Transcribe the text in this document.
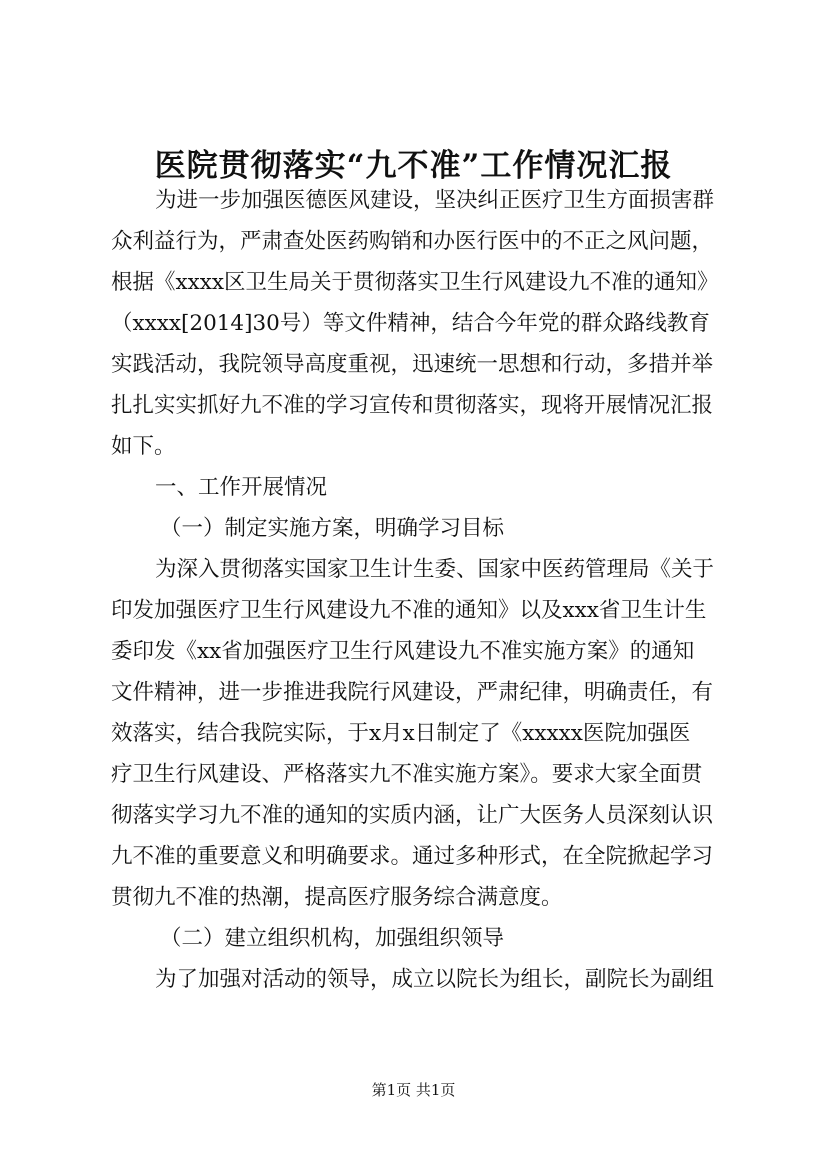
医院贯彻落实“九不准”工作情况汇报

为进一步加强医德医风建设，坚决纠正医疗卫生方面损害群

众利益行为，严肃查处医药购销和办医行医中的不正之风问题，

根据《xxxx区卫生局关于贯彻落实卫生行风建设九不准的通知》

（xxxx[2014]30号）等文件精神，结合今年党的群众路线教育

实践活动，我院领导高度重视，迅速统一思想和行动，多措并举

扎扎实实抓好九不准的学习宣传和贯彻落实，现将开展情况汇报

如下。

一、工作开展情况

（一）制定实施方案，明确学习目标

为深入贯彻落实国家卫生计生委、国家中医药管理局《关于

印发加强医疗卫生行风建设九不准的通知》以及xxx省卫生计生

委印发《xx省加强医疗卫生行风建设九不准实施方案》的通知

文件精神，进一步推进我院行风建设，严肃纪律，明确责任，有

效落实，结合我院实际，于x月x日制定了《xxxxx医院加强医

疗卫生行风建设、严格落实九不准实施方案》。要求大家全面贯

彻落实学习九不准的通知的实质内涵，让广大医务人员深刻认识

九不准的重要意义和明确要求。通过多种形式，在全院掀起学习

贯彻九不准的热潮，提高医疗服务综合满意度。

（二）建立组织机构，加强组织领导

为了加强对活动的领导，成立以院长为组长，副院长为副组

第1页 共1页
